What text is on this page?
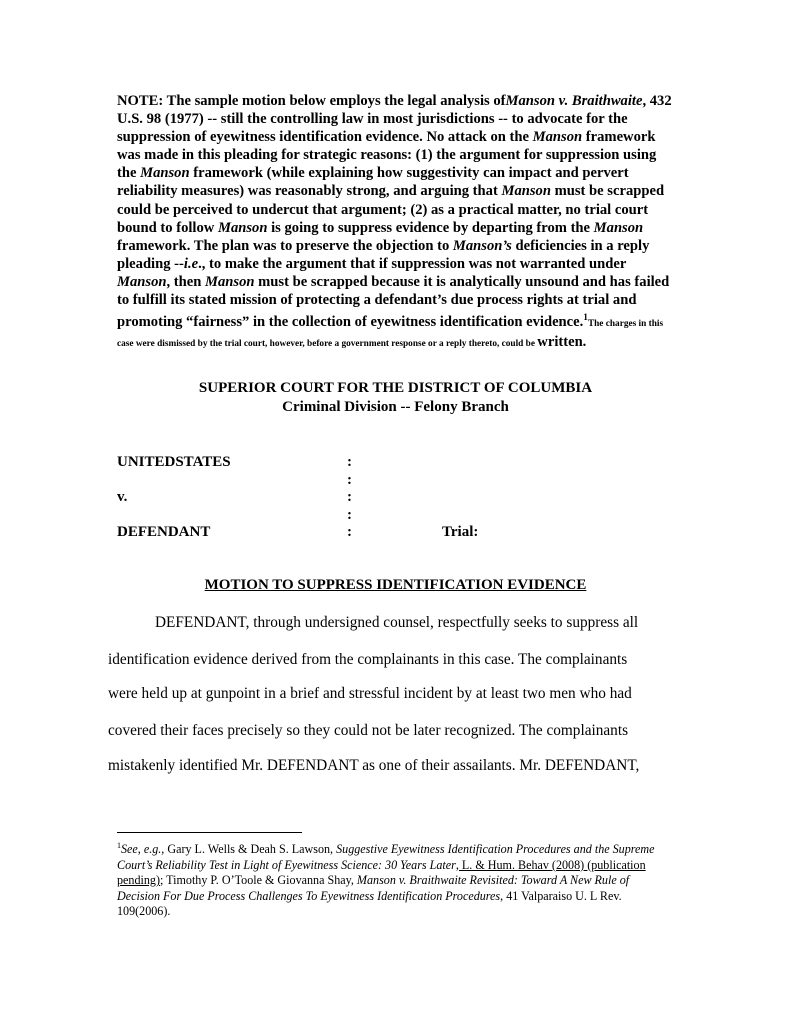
NOTE: The sample motion below employs the legal analysis ofManson v. Braithwaite, 432 U.S. 98 (1977) -- still the controlling law in most jurisdictions -- to advocate for the suppression of eyewitness identification evidence. No attack on the Manson framework was made in this pleading for strategic reasons: (1) the argument for suppression using the Manson framework (while explaining how suggestivity can impact and pervert reliability measures) was reasonably strong, and arguing that Manson must be scrapped could be perceived to undercut that argument; (2) as a practical matter, no trial court bound to follow Manson is going to suppress evidence by departing from the Manson framework. The plan was to preserve the objection to Manson’s deficiencies in a reply pleading --i.e., to make the argument that if suppression was not warranted under Manson, then Manson must be scrapped because it is analytically unsound and has failed to fulfill its stated mission of protecting a defendant’s due process rights at trial and promoting “fairness” in the collection of eyewitness identification evidence.$^1$The charges in this case were dismissed by the trial court, however, before a government response or a reply thereto, could be written.
SUPERIOR COURT FOR THE DISTRICT OF COLUMBIA
Criminal Division -- Felony Branch
UNITEDSTATES
v.
DEFENDANT
:
:
:
:
:	Trial:
MOTION TO SUPPRESS IDENTIFICATION EVIDENCE
DEFENDANT, through undersigned counsel, respectfully seeks to suppress all
identification evidence derived from the complainants in this case. The complainants
were held up at gunpoint in a brief and stressful incident by at least two men who had
covered their faces precisely so they could not be later recognized. The complainants
mistakenly identified Mr. DEFENDANT as one of their assailants. Mr. DEFENDANT,
$^1$See, e.g., Gary L. Wells & Deah S. Lawson, Suggestive Eyewitness Identification Procedures and the Supreme Court’s Reliability Test in Light of Eyewitness Science: 30 Years Later, L. & Hum. Behav (2008) (publication pending); Timothy P. O’Toole & Giovanna Shay, Manson v. Braithwaite Revisited: Toward A New Rule of Decision For Due Process Challenges To Eyewitness Identification Procedures, 41 Valparaiso U. L Rev. 109(2006).
